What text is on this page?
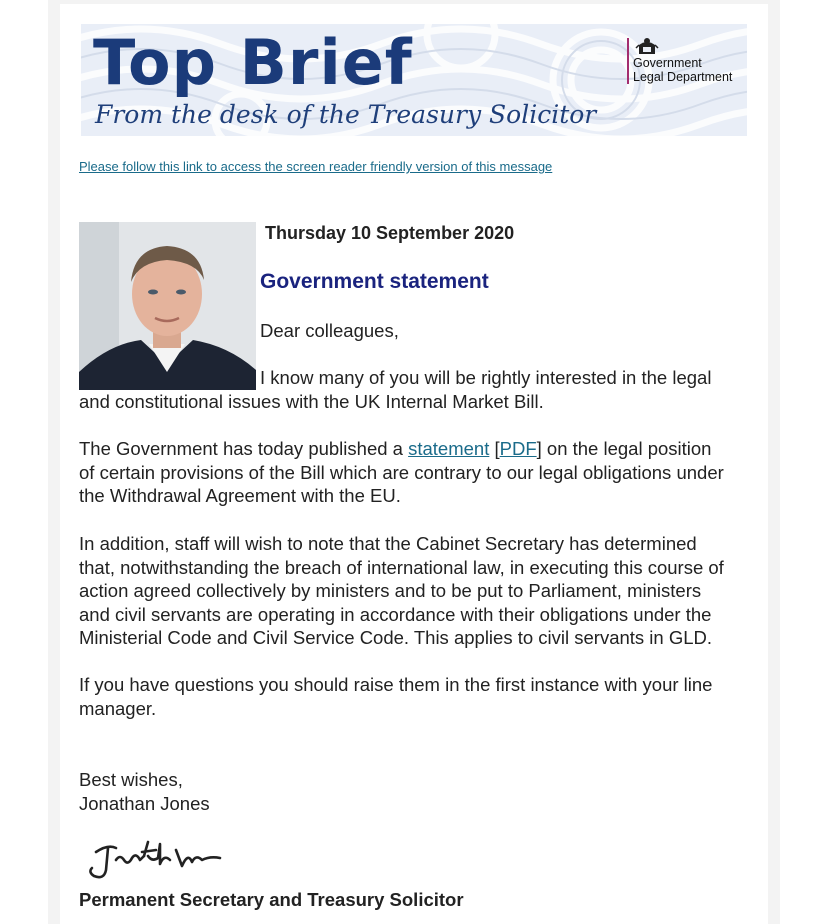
Top Brief
From the desk of the Treasury Solicitor
Government
Legal Department
Please follow this link to access the screen reader friendly version of this message
Thursday 10 September 2020
Government statement

Dear colleagues,

I know many of you will be rightly interested in the legal
and constitutional issues with the UK Internal Market Bill.

The Government has today published a statement [PDF] on the legal position
of certain provisions of the Bill which are contrary to our legal obligations under
the Withdrawal Agreement with the EU.

In addition, staff will wish to note that the Cabinet Secretary has determined
that, notwithstanding the breach of international law, in executing this course of
action agreed collectively by ministers and to be put to Parliament, ministers
and civil servants are operating in accordance with their obligations under the
Ministerial Code and Civil Service Code. This applies to civil servants in GLD.

If you have questions you should raise them in the first instance with your line
manager.

Best wishes,
Jonathan Jones

Permanent Secretary and Treasury Solicitor
